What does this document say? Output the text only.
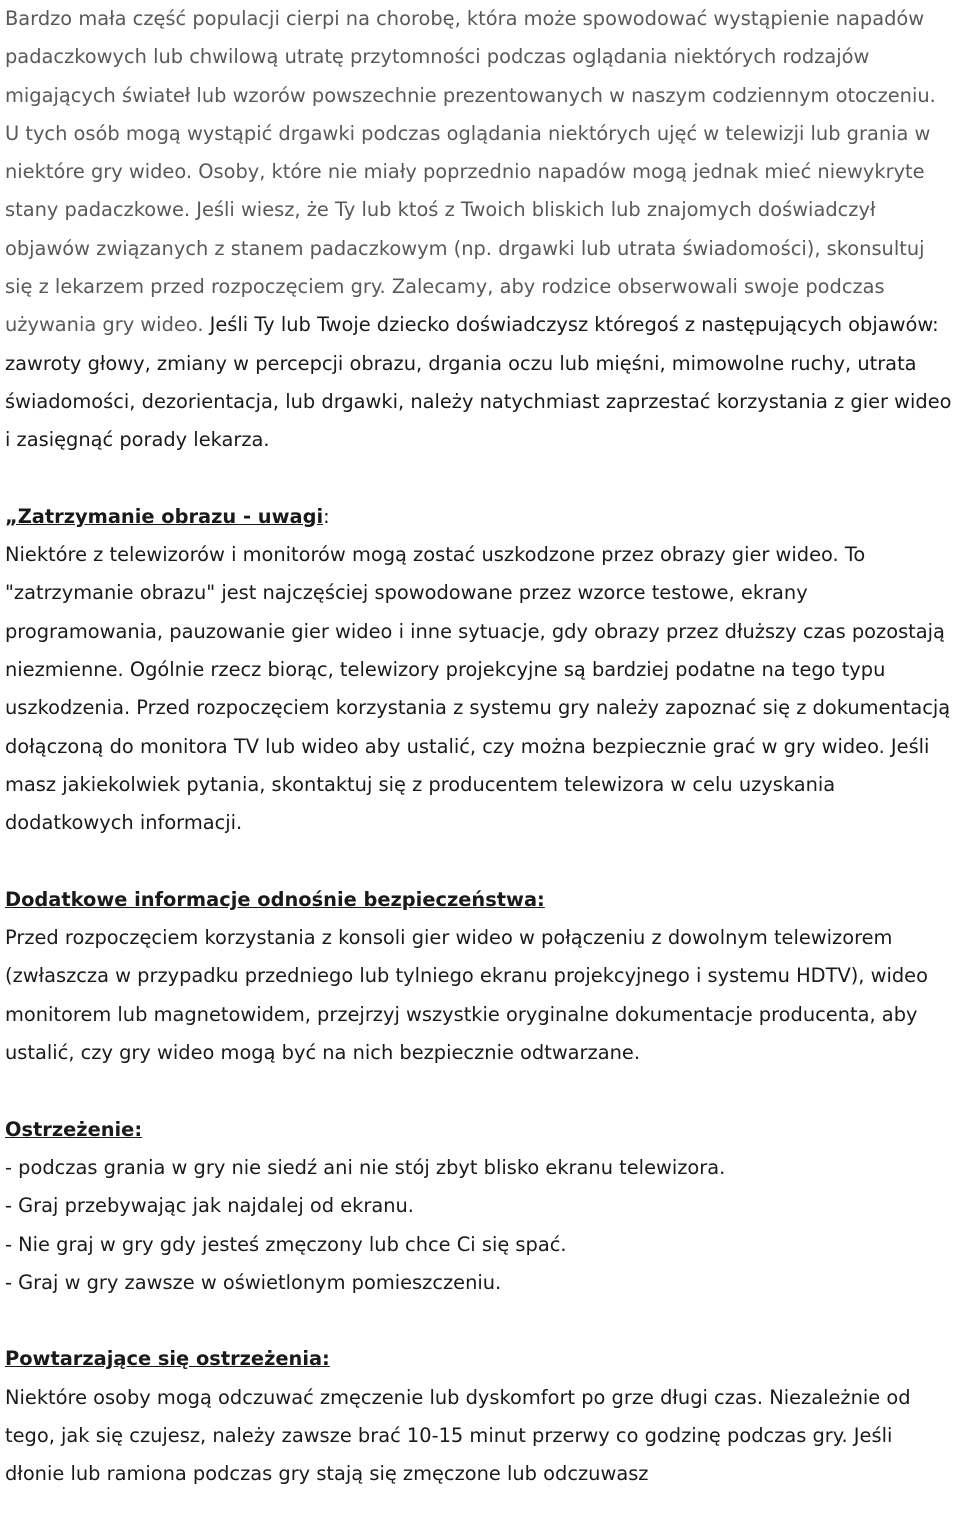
Bardzo mała część populacji cierpi na chorobę, która może spowodować wystąpienie napadów padaczkowych lub chwilową utratę przytomności podczas oglądania niektórych rodzajów migających świateł lub wzorów powszechnie prezentowanych w naszym codziennym otoczeniu. U tych osób mogą wystąpić drgawki podczas oglądania niektórych ujęć w telewizji lub grania w niektóre gry wideo. Osoby, które nie miały poprzednio napadów mogą jednak mieć niewykryte stany padaczkowe. Jeśli wiesz, że Ty lub ktoś z Twoich bliskich lub znajomych doświadczył objawów związanych z stanem padaczkowym (np. drgawki lub utrata świadomości), skonsultuj się z lekarzem przed rozpoczęciem gry. Zalecamy, aby rodzice obserwowali swoje podczas używania gry wideo. Jeśli Ty lub Twoje dziecko doświadczysz któregoś z następujących objawów: zawroty głowy, zmiany w percepcji obrazu, drgania oczu lub mięśni, mimowolne ruchy, utrata świadomości, dezorientacja, lub drgawki, należy natychmiast zaprzestać korzystania z gier wideo i zasięgnąć porady lekarza.

„Zatrzymanie obrazu - uwagi:
Niektóre z telewizorów i monitorów mogą zostać uszkodzone przez obrazy gier wideo. To "zatrzymanie obrazu" jest najczęściej spowodowane przez wzorce testowe, ekrany programowania, pauzowanie gier wideo i inne sytuacje, gdy obrazy przez dłuższy czas pozostają niezmienne. Ogólnie rzecz biorąc, telewizory projekcyjne są bardziej podatne na tego typu uszkodzenia. Przed rozpoczęciem korzystania z systemu gry należy zapoznać się z dokumentacją dołączoną do monitora TV lub wideo aby ustalić, czy można bezpiecznie grać w gry wideo. Jeśli masz jakiekolwiek pytania, skontaktuj się z producentem telewizora w celu uzyskania dodatkowych informacji.

Dodatkowe informacje odnośnie bezpieczeństwa:
Przed rozpoczęciem korzystania z konsoli gier wideo w połączeniu z dowolnym telewizorem (zwłaszcza w przypadku przedniego lub tylniego ekranu projekcyjnego i systemu HDTV), wideo monitorem lub magnetowidem, przejrzyj wszystkie oryginalne dokumentacje producenta, aby ustalić, czy gry wideo mogą być na nich bezpiecznie odtwarzane.

Ostrzeżenie:
- podczas grania w gry nie siedź ani nie stój zbyt blisko ekranu telewizora.
- Graj przebywając jak najdalej od ekranu.
- Nie graj w gry gdy jesteś zmęczony lub chce Ci się spać.
- Graj w gry zawsze w oświetlonym pomieszczeniu.

Powtarzające się ostrzeżenia:
Niektóre osoby mogą odczuwać zmęczenie lub dyskomfort po grze długi czas. Niezależnie od tego, jak się czujesz, należy zawsze brać 10-15 minut przerwy co godzinę podczas gry. Jeśli dłonie lub ramiona podczas gry stają się zmęczone lub odczuwasz
